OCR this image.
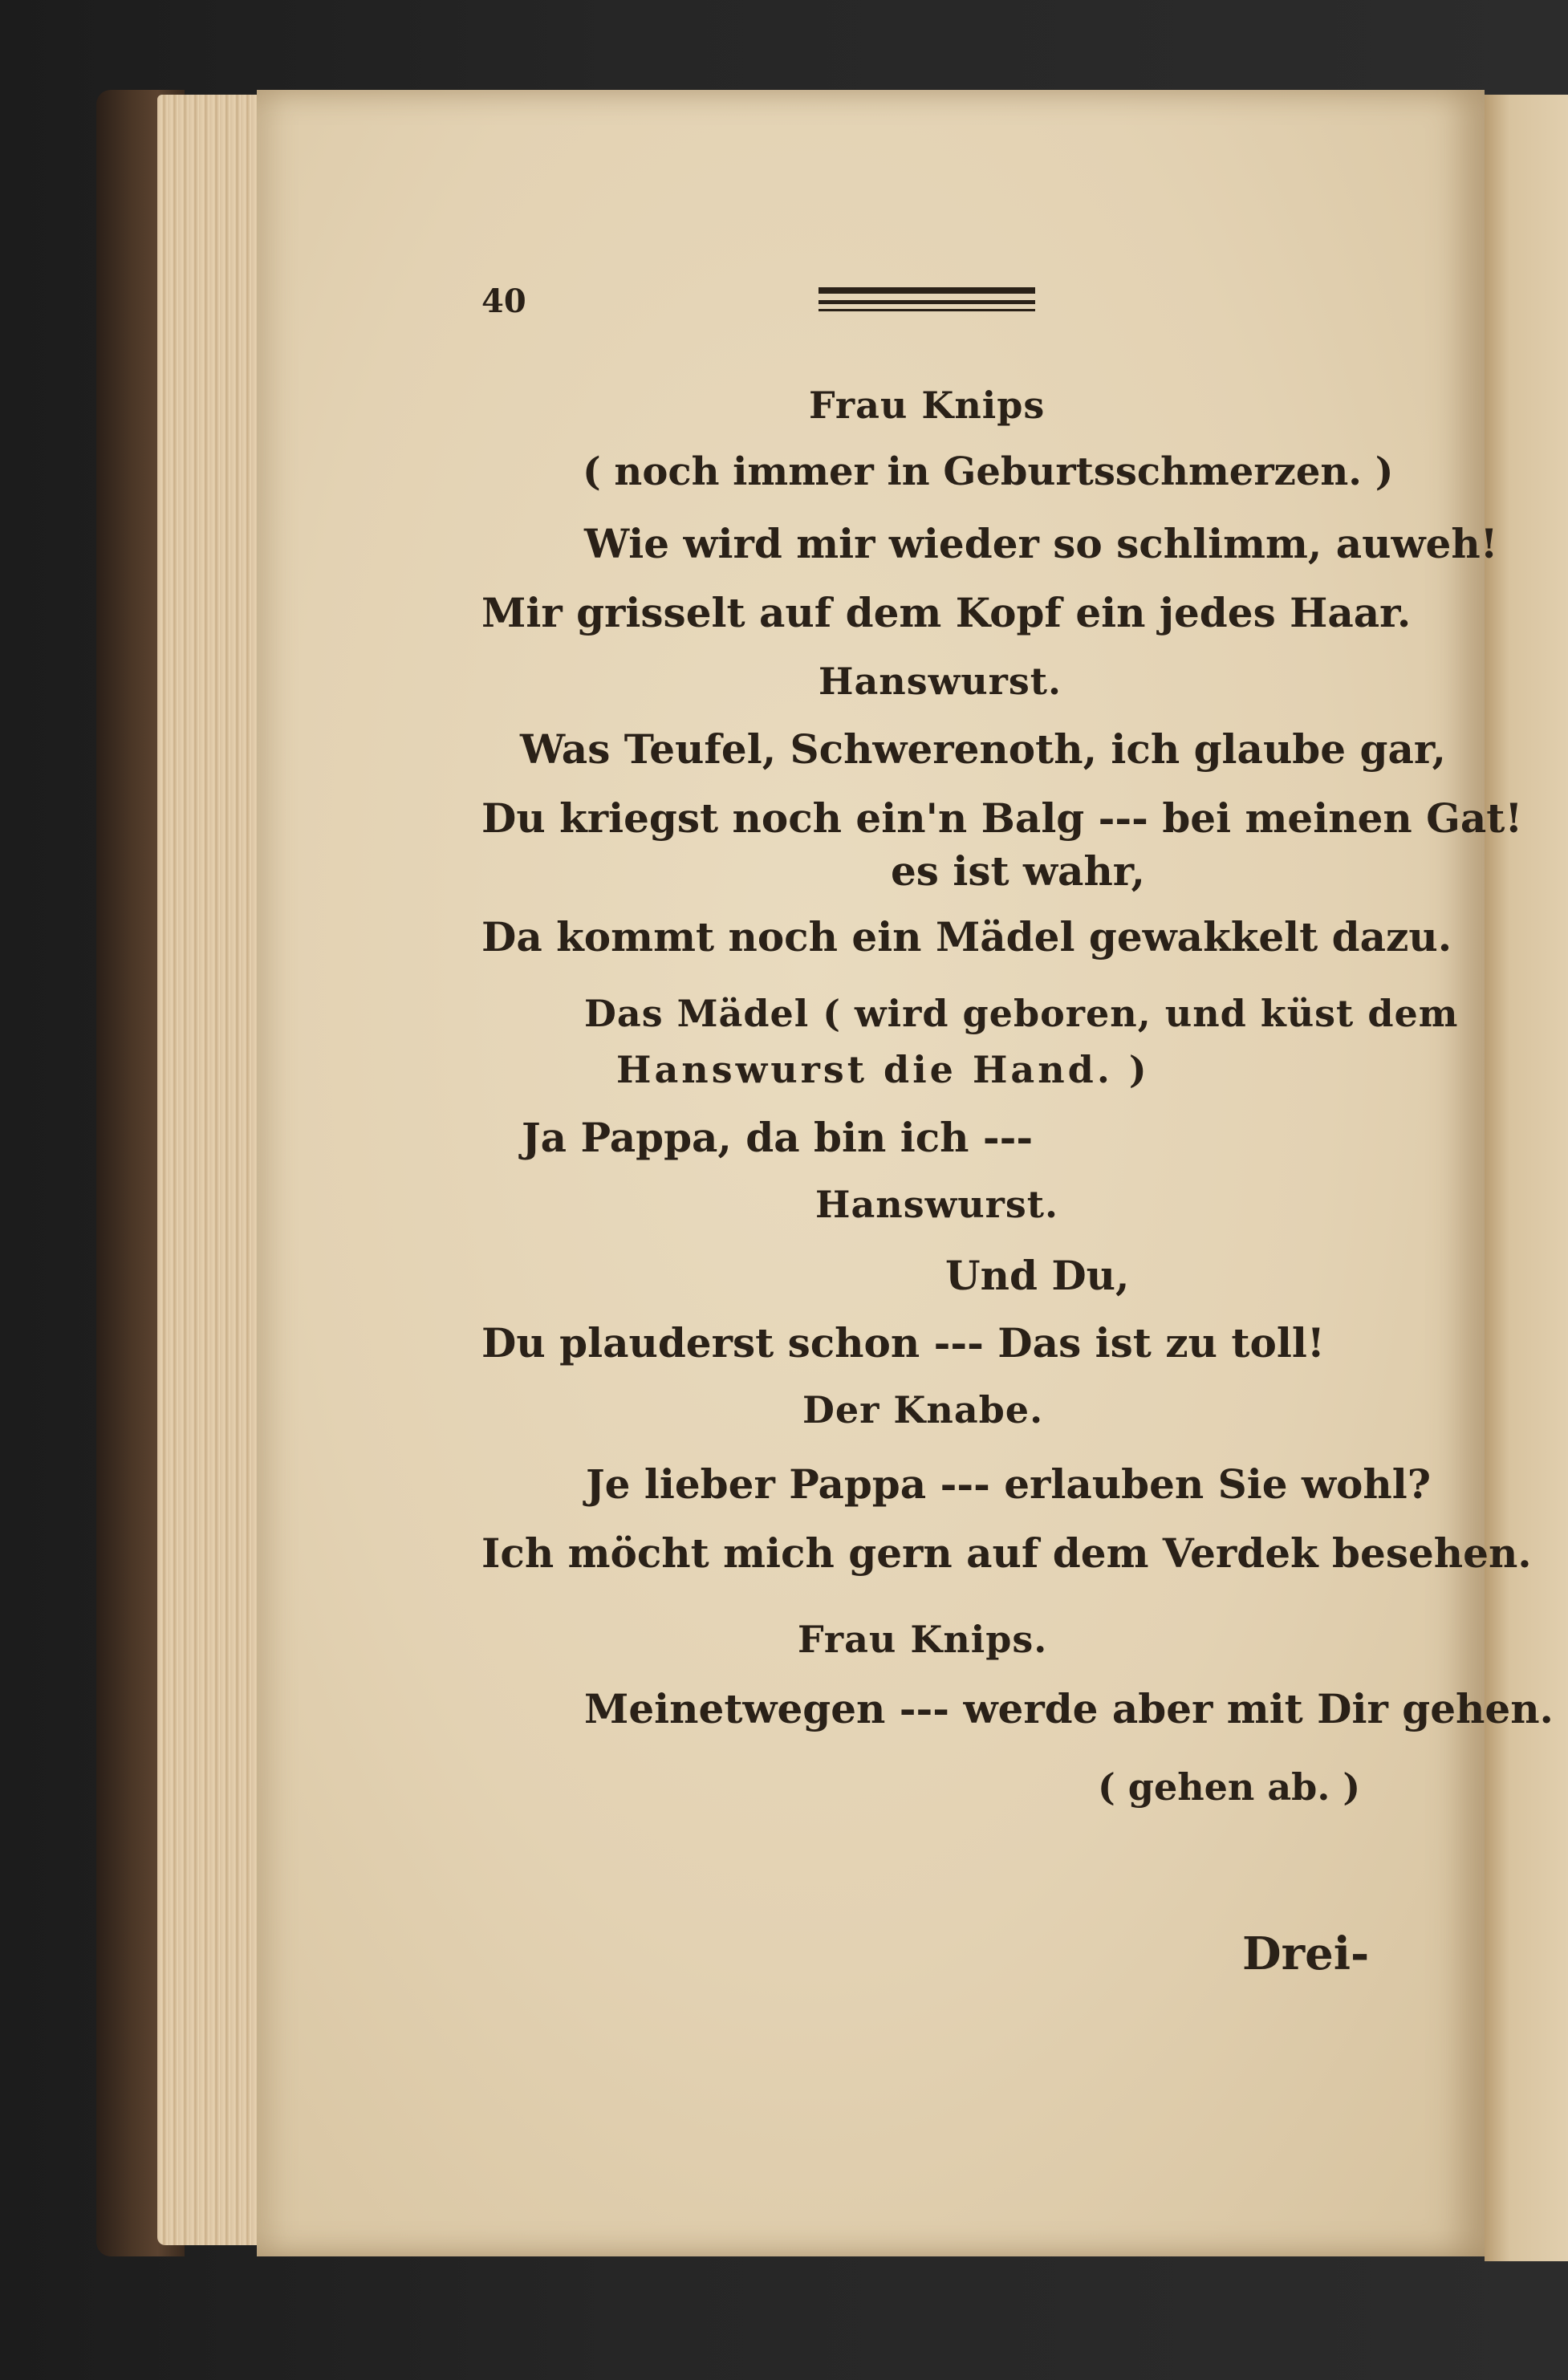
40
Frau Knips
( noch immer in Geburtsschmerzen. )
Wie wird mir wieder so schlimm, auweh!
Mir grisselt auf dem Kopf ein jedes Haar.
Hanswurst.
Was Teufel, Schwerenoth, ich glaube gar,
Du kriegst noch ein'n Balg --- bei meinen Gat!
es ist wahr,
Da kommt noch ein Mädel gewakkelt dazu.
Das Mädel ( wird geboren, und küst dem
Hanswurst die Hand. )
Ja Pappa, da bin ich ---
Hanswurst.
Und Du,
Du plauderst schon --- Das ist zu toll!
Der Knabe.
Je lieber Pappa --- erlauben Sie wohl?
Ich möcht mich gern auf dem Verdek besehen.
Frau Knips.
Meinetwegen --- werde aber mit Dir gehen.
( gehen ab. )
Drei-
